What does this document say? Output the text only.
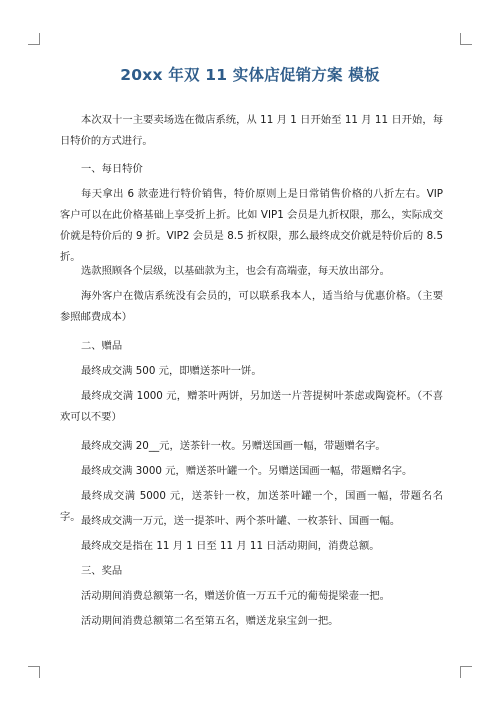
20xx 年双 11 实体店促销方案 模板
本次双十一主要卖场选在微店系统，从 11 月 1 日开始至 11 月 11 日开始，每日特价的方式进行。
一、每日特价
每天拿出 6 款壶进行特价销售，特价原则上是日常销售价格的八折左右。VIP 客户可以在此价格基础上享受折上折。比如 VIP1 会员是九折权限，那么，实际成交价就是特价后的 9 折。VIP2 会员是 8.5 折权限，那么最终成交价就是特价后的 8.5 折。
选款照顾各个层级，以基础款为主，也会有高端壶，每天放出部分。
海外客户在微店系统没有会员的，可以联系我本人，适当给与优惠价格。（主要参照邮费成本）
二、赠品
最终成交满 500 元，即赠送茶叶一饼。
最终成交满 1000 元，赠茶叶两饼，另加送一片菩提树叶茶虑或陶瓷杯。（不喜欢可以不要）
最终成交满 20__元，送茶针一枚。另赠送国画一幅，带题赠名字。
最终成交满 3000 元，赠送茶叶罐一个。另赠送国画一幅，带题赠名字。
最终成交满 5000 元，送茶针一枚，加送茶叶罐一个，国画一幅，带题名名字。 最终成交满一万元，送一提茶叶、两个茶叶罐、一枚茶针、国画一幅。
最终成交是指在 11 月 1 日至 11 月 11 日活动期间，消费总额。
三、奖品
活动期间消费总额第一名，赠送价值一万五千元的葡萄提梁壶一把。
活动期间消费总额第二名至第五名，赠送龙泉宝剑一把。
